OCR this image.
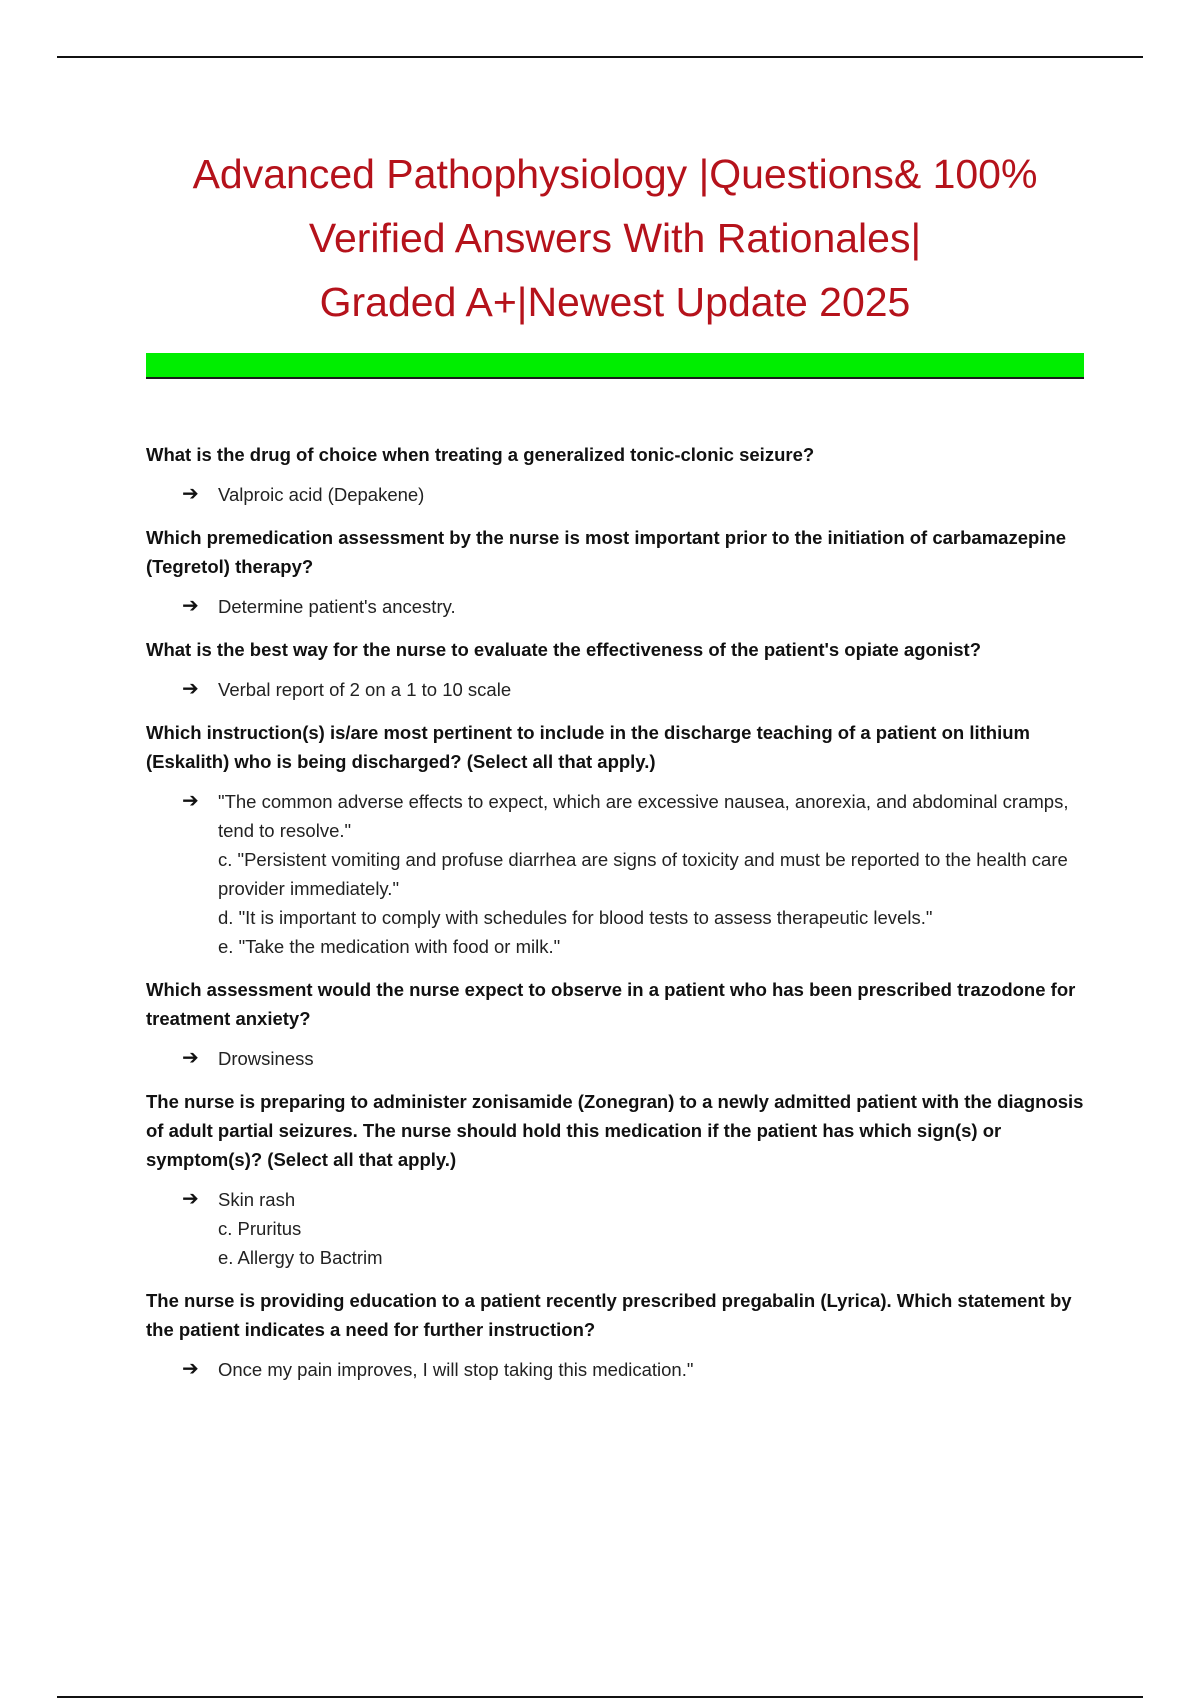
Advanced Pathophysiology |Questions& 100%
Verified Answers With Rationales|
Graded A+|Newest Update 2025

What is the drug of choice when treating a generalized tonic-clonic seizure?

➔ Valproic acid (Depakene)

Which premedication assessment by the nurse is most important prior to the initiation of carbamazepine (Tegretol) therapy?

➔ Determine patient's ancestry.

What is the best way for the nurse to evaluate the effectiveness of the patient's opiate agonist?

➔ Verbal report of 2 on a 1 to 10 scale

Which instruction(s) is/are most pertinent to include in the discharge teaching of a patient on lithium (Eskalith) who is being discharged? (Select all that apply.)

➔ "The common adverse effects to expect, which are excessive nausea, anorexia, and abdominal cramps, tend to resolve."
c. "Persistent vomiting and profuse diarrhea are signs of toxicity and must be reported to the health care provider immediately."
d. "It is important to comply with schedules for blood tests to assess therapeutic levels."
e. "Take the medication with food or milk."

Which assessment would the nurse expect to observe in a patient who has been prescribed trazodone for treatment anxiety?

➔ Drowsiness

The nurse is preparing to administer zonisamide (Zonegran) to a newly admitted patient with the diagnosis of adult partial seizures. The nurse should hold this medication if the patient has which sign(s) or symptom(s)? (Select all that apply.)

➔ Skin rash
c. Pruritus
e. Allergy to Bactrim

The nurse is providing education to a patient recently prescribed pregabalin (Lyrica). Which statement by the patient indicates a need for further instruction?

➔ Once my pain improves, I will stop taking this medication."
